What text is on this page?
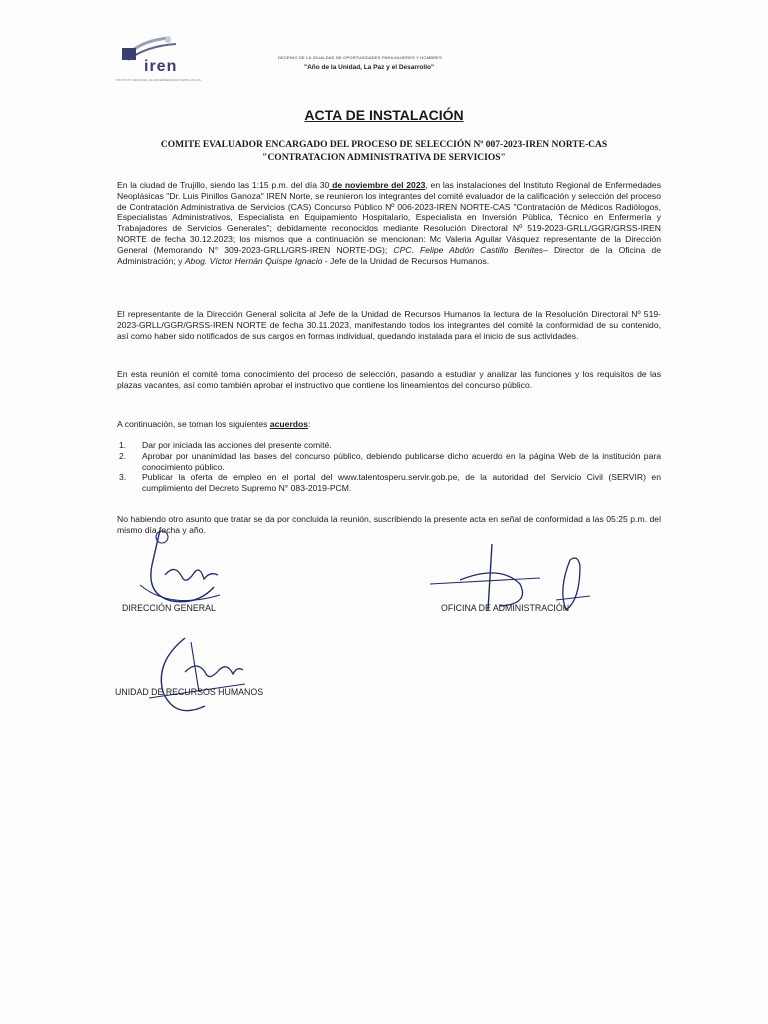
iren
INSTITUTO REGIONAL DE ENFERMEDADES NEOPLÁSICAS
DECENIO DE LA IGUALDAD DE OPORTUNIDADES PARA MUJERES Y HOMBRES
"Año de la Unidad, La Paz y el Desarrollo"
ACTA DE INSTALACIÓN
COMITE EVALUADOR ENCARGADO DEL PROCESO DE SELECCIÓN Nº 007-2023-IREN NORTE-CAS
"CONTRATACION ADMINISTRATIVA DE SERVICIOS"
En la ciudad de Trujillo, siendo las 1:15 p.m. del día 30 de noviembre del 2023, en las instalaciones del Instituto Regional de Enfermedades Neoplásicas "Dr. Luis Pinillos Ganoza" IREN Norte, se reunieron los integrantes del comité evaluador de la calificación y selección del proceso de Contratación Administrativa de Servicios (CAS) Concurso Público Nº 006-2023-IREN NORTE-CAS "Contratación de Médicos Radiólogos, Especialistas Administrativos, Especialista en Equipamiento Hospitalario, Especialista en Inversión Pública, Técnico en Enfermería y Trabajadores de Servicios Generales"; debidamente reconocidos mediante Resolución Directoral Nº 519-2023-GRLL/GGR/GRSS-IREN NORTE de fecha 30.12.2023; los mismos que a continuación se mencionan: Mc Valeria Aguilar Vásquez representante de la Dirección General (Memorando N° 309-2023-GRLL/GRS-IREN NORTE-DG); CPC. Felipe Abdón Castillo Benites– Director de la Oficina de Administración; y Abog. Víctor Hernán Quispe Ignacio - Jefe de la Unidad de Recursos Humanos.
El representante de la Dirección General solicita al Jefe de la Unidad de Recursos Humanos la lectura de la Resolución Directoral Nº 519-2023-GRLL/GGR/GRSS-IREN NORTE de fecha 30.11.2023, manifestando todos los integrantes del comité la conformidad de su contenido, así como haber sido notificados de sus cargos en formas individual, quedando instalada para el inicio de sus actividades.
En esta reunión el comité toma conocimiento del proceso de selección, pasando a estudiar y analizar las funciones y los requisitos de las plazas vacantes, así como también aprobar el instructivo que contiene los lineamientos del concurso público.
A continuación, se toman los siguientes acuerdos:
1. Dar por iniciada las acciones del presente comité.
2. Aprobar por unanimidad las bases del concurso público, debiendo publicarse dicho acuerdo en la página Web de la institución para conocimiento público.
3. Publicar la oferta de empleo en el portal del www.talentosperu.servir.gob.pe, de la autoridad del Servicio Civil (SERVIR) en cumplimiento del Decreto Supremo N° 083-2019-PCM.
No habiendo otro asunto que tratar se da por concluida la reunión, suscribiendo la presente acta en señal de conformidad a las 05:25 p.m. del mismo día fecha y año.
DIRECCIÓN GENERAL	OFICINA DE ADMINISTRACIÓN
UNIDAD DE RECURSOS HUMANOS
